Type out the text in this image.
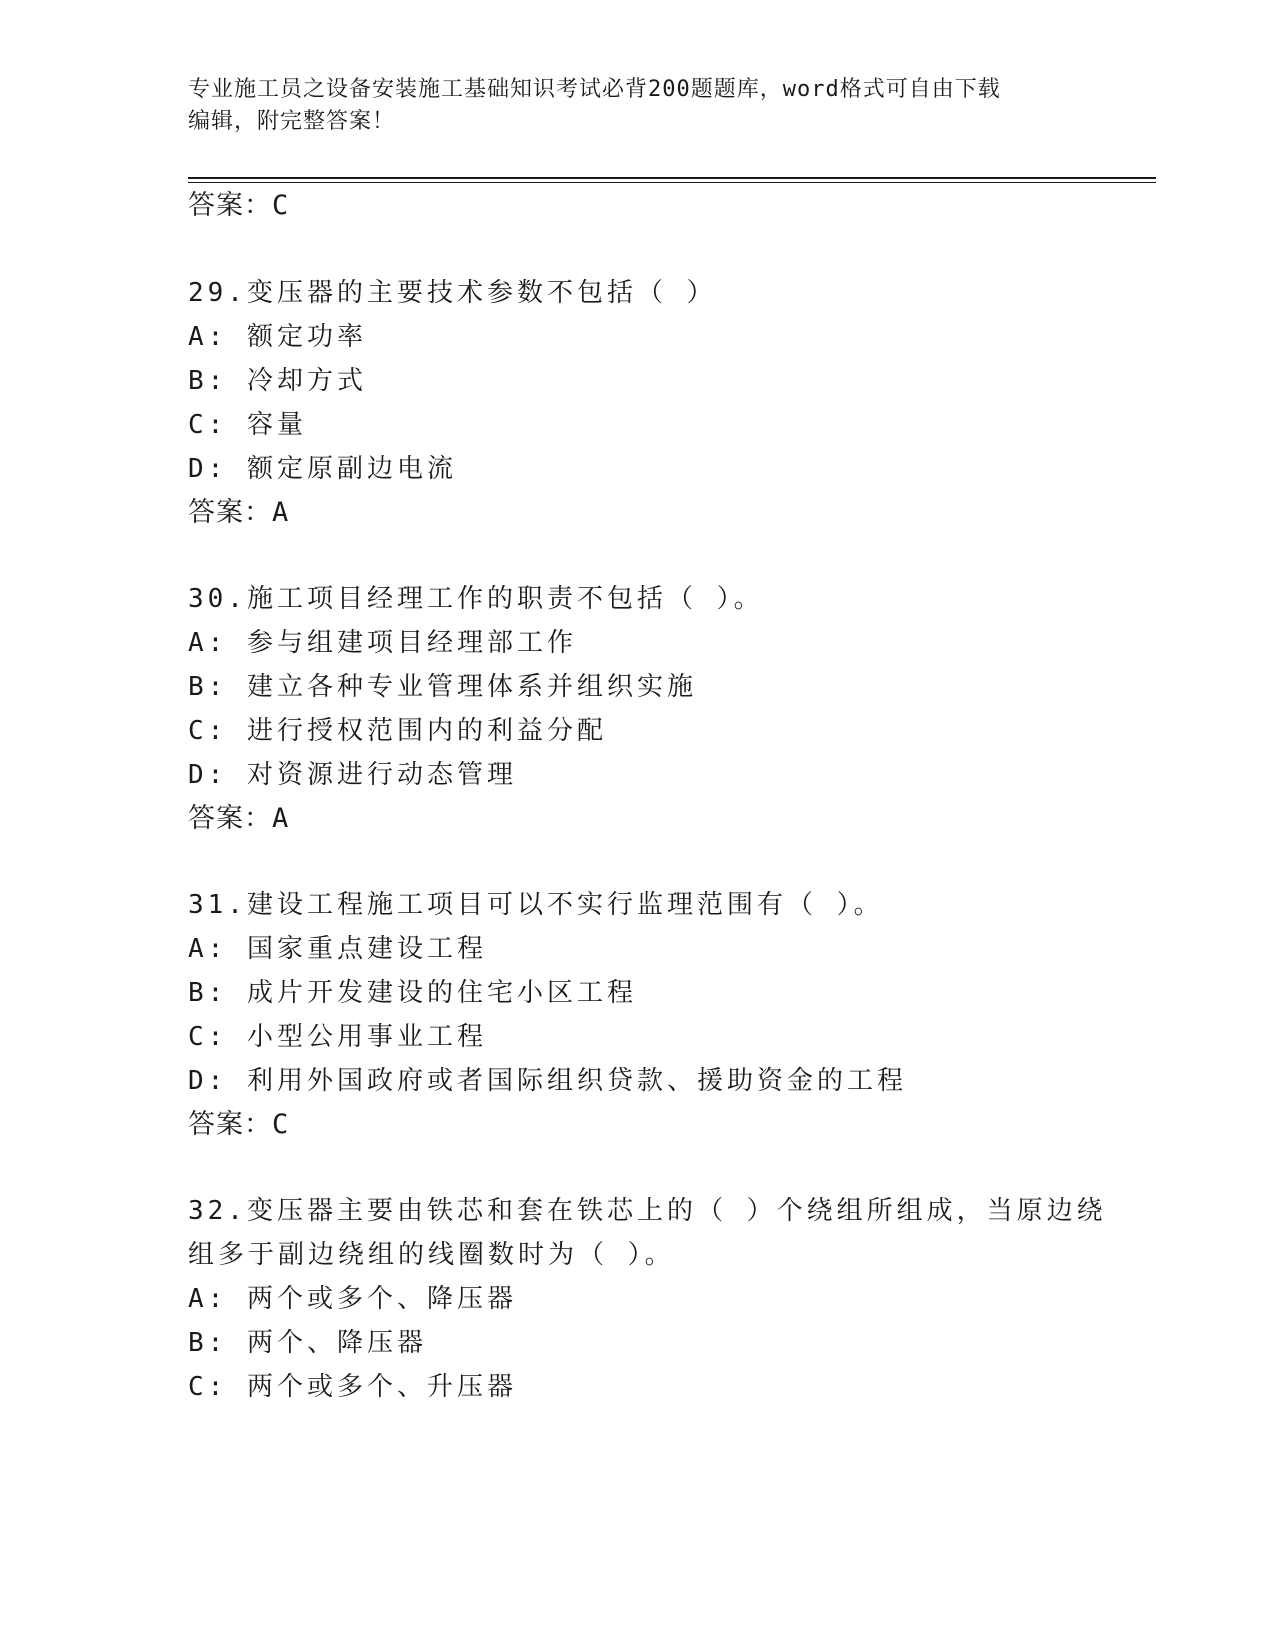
专业施工员之设备安装施工基础知识考试必背200题题库，word格式可自由下载
编辑，附完整答案！
答案：C
29.变压器的主要技术参数不包括（ ）
A: 额定功率
B: 冷却方式
C: 容量
D: 额定原副边电流
答案：A
30.施工项目经理工作的职责不包括（ ）。
A: 参与组建项目经理部工作
B: 建立各种专业管理体系并组织实施
C: 进行授权范围内的利益分配
D: 对资源进行动态管理
答案：A
31.建设工程施工项目可以不实行监理范围有（ ）。
A: 国家重点建设工程
B: 成片开发建设的住宅小区工程
C: 小型公用事业工程
D: 利用外国政府或者国际组织贷款、援助资金的工程
答案：C
32.变压器主要由铁芯和套在铁芯上的（ ）个绕组所组成，当原边绕
组多于副边绕组的线圈数时为（ ）。
A: 两个或多个、降压器
B: 两个、降压器
C: 两个或多个、升压器
